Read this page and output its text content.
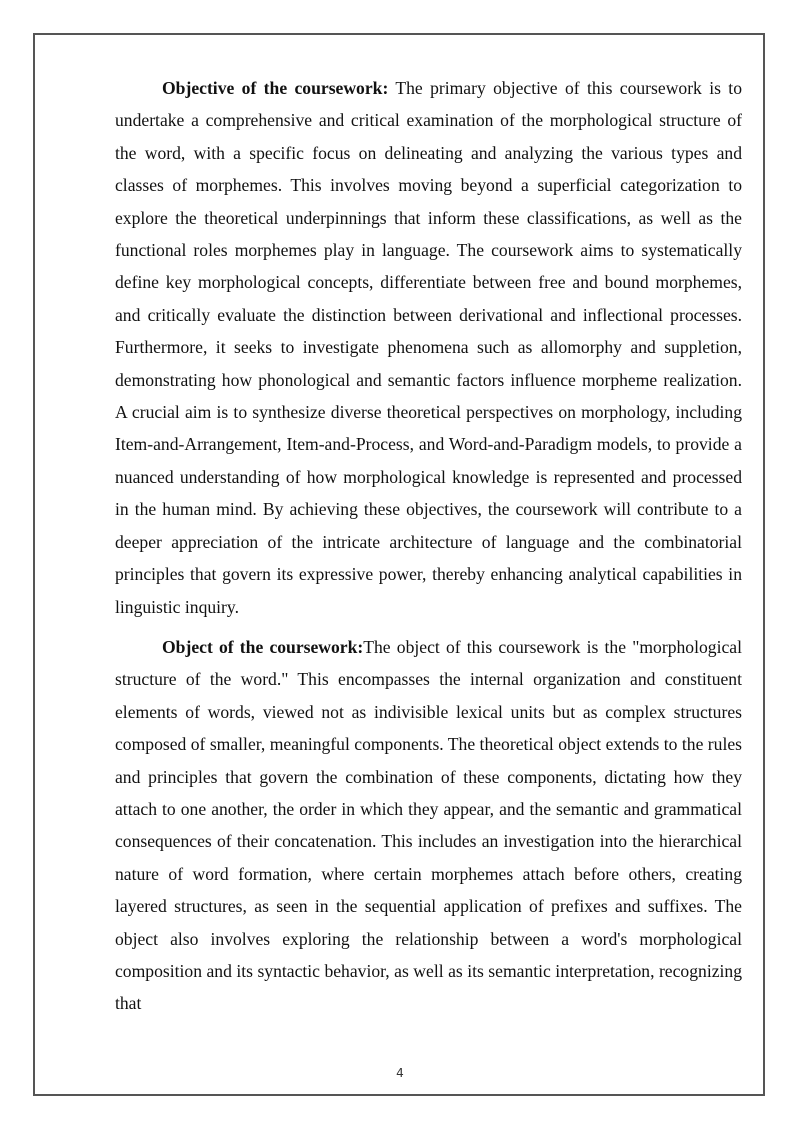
Objective of the coursework: The primary objective of this coursework is to undertake a comprehensive and critical examination of the morphological structure of the word, with a specific focus on delineating and analyzing the various types and classes of morphemes. This involves moving beyond a superficial categorization to explore the theoretical underpinnings that inform these classifications, as well as the functional roles morphemes play in language. The coursework aims to systematically define key morphological concepts, differentiate between free and bound morphemes, and critically evaluate the distinction between derivational and inflectional processes. Furthermore, it seeks to investigate phenomena such as allomorphy and suppletion, demonstrating how phonological and semantic factors influence morpheme realization. A crucial aim is to synthesize diverse theoretical perspectives on morphology, including Item-and-Arrangement, Item-and-Process, and Word-and-Paradigm models, to provide a nuanced understanding of how morphological knowledge is represented and processed in the human mind. By achieving these objectives, the coursework will contribute to a deeper appreciation of the intricate architecture of language and the combinatorial principles that govern its expressive power, thereby enhancing analytical capabilities in linguistic inquiry.

Object of the coursework:The object of this coursework is the "morphological structure of the word." This encompasses the internal organization and constituent elements of words, viewed not as indivisible lexical units but as complex structures composed of smaller, meaningful components. The theoretical object extends to the rules and principles that govern the combination of these components, dictating how they attach to one another, the order in which they appear, and the semantic and grammatical consequences of their concatenation. This includes an investigation into the hierarchical nature of word formation, where certain morphemes attach before others, creating layered structures, as seen in the sequential application of prefixes and suffixes. The object also involves exploring the relationship between a word's morphological composition and its syntactic behavior, as well as its semantic interpretation, recognizing that

4
